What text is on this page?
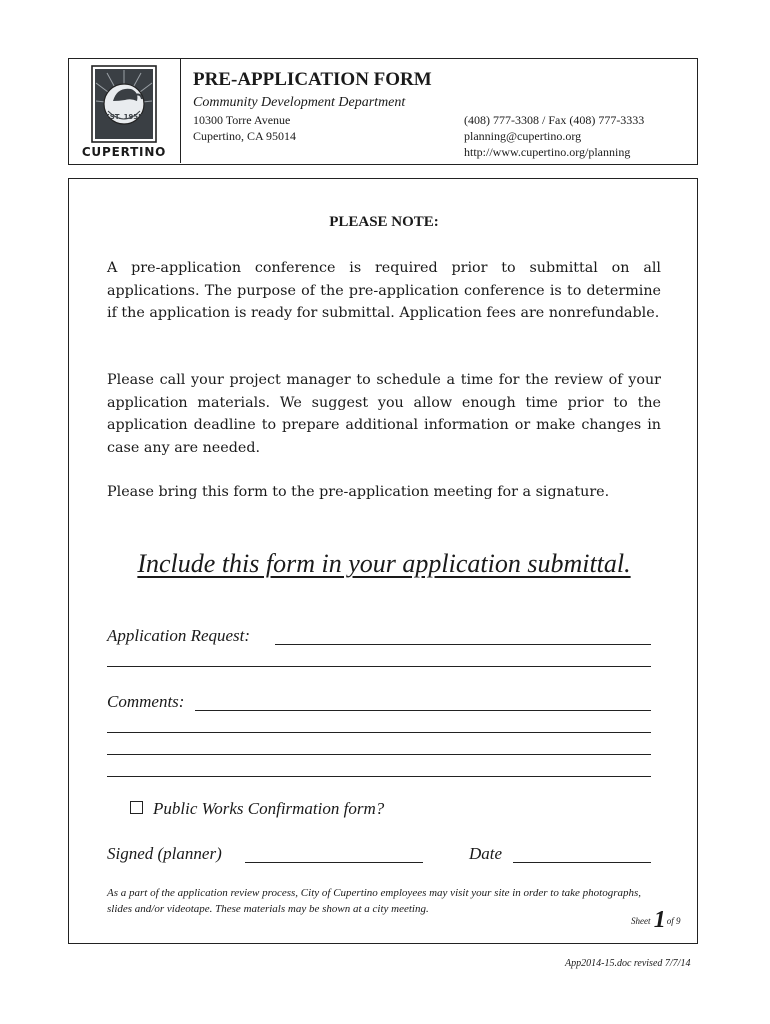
EST. 1955
CUPERTINO
PRE-APPLICATION FORM
Community Development Department
10300 Torre Avenue
Cupertino, CA 95014
(408) 777-3308 / Fax (408) 777-3333
planning@cupertino.org
http://www.cupertino.org/planning
PLEASE NOTE:

A pre-application conference is required prior to submittal on all applications. The purpose of the pre-application conference is to determine if the application is ready for submittal. Application fees are nonrefundable.

Please call your project manager to schedule a time for the review of your application materials. We suggest you allow enough time prior to the application deadline to prepare additional information or make changes in case any are needed.

Please bring this form to the pre-application meeting for a signature.

Include this form in your application submittal.
Application Request:
Comments:
Public Works Confirmation form?
Signed (planner)	Date
As a part of the application review process, City of Cupertino employees may visit your site in order to take photographs, slides and/or videotape. These materials may be shown at a city meeting.
Sheet 1of 9
App2014-15.doc revised 7/7/14
